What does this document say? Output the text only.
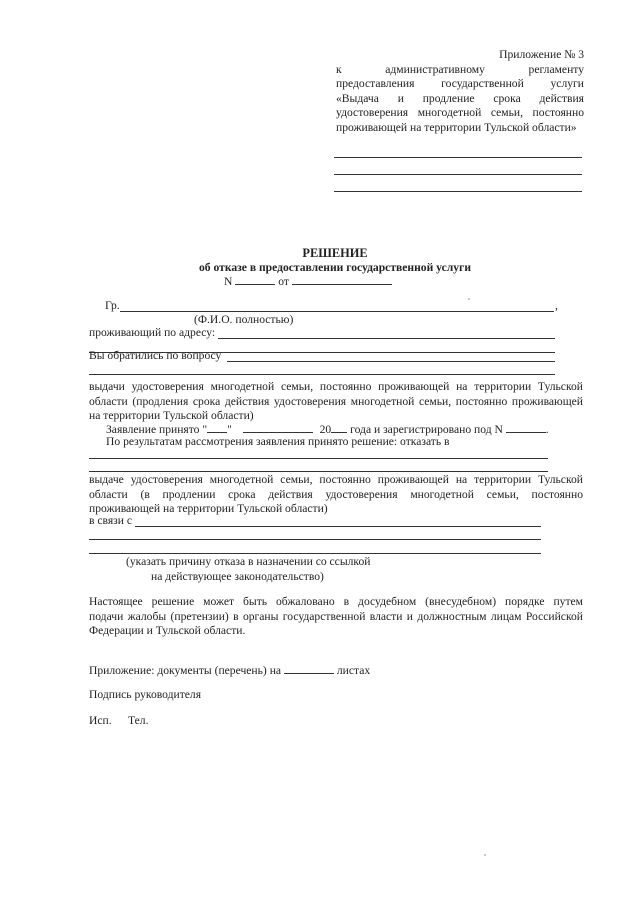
Приложение № 3
к административному регламенту
предоставления государственной услуги
«Выдача и продление срока действия
удостоверения многодетной семьи, постоянно
проживающей на территории Тульской области»
РЕШЕНИЕ
об отказе в предоставлении государственной услуги
N	от
Гр.	,
(Ф.И.О. полностью)
проживающий по адресу:
Вы обратились по вопросу
выдачи удостоверения многодетной семьи, постоянно проживающей на территории Тульской
области (продления срока действия удостоверения многодетной семьи, постоянно проживающей
на территории Тульской области)
Заявление принято " "	20 года и зарегистрировано под N	.
По результатам рассмотрения заявления принято решение: отказать в
выдаче удостоверения многодетной семьи, постоянно проживающей на территории Тульской
области (в продлении срока действия удостоверения многодетной семьи, постоянно
проживающей на территории Тульской области)
в связи с
(указать причину отказа в назначении со ссылкой
на действующее законодательство)
Настоящее решение может быть обжаловано в досудебном (внесудебном) порядке путем
подачи жалобы (претензии) в органы государственной власти и должностным лицам Российской
Федерации и Тульской области.
Приложение: документы (перечень) на	листах
Подпись руководителя
Исп. Тел.
